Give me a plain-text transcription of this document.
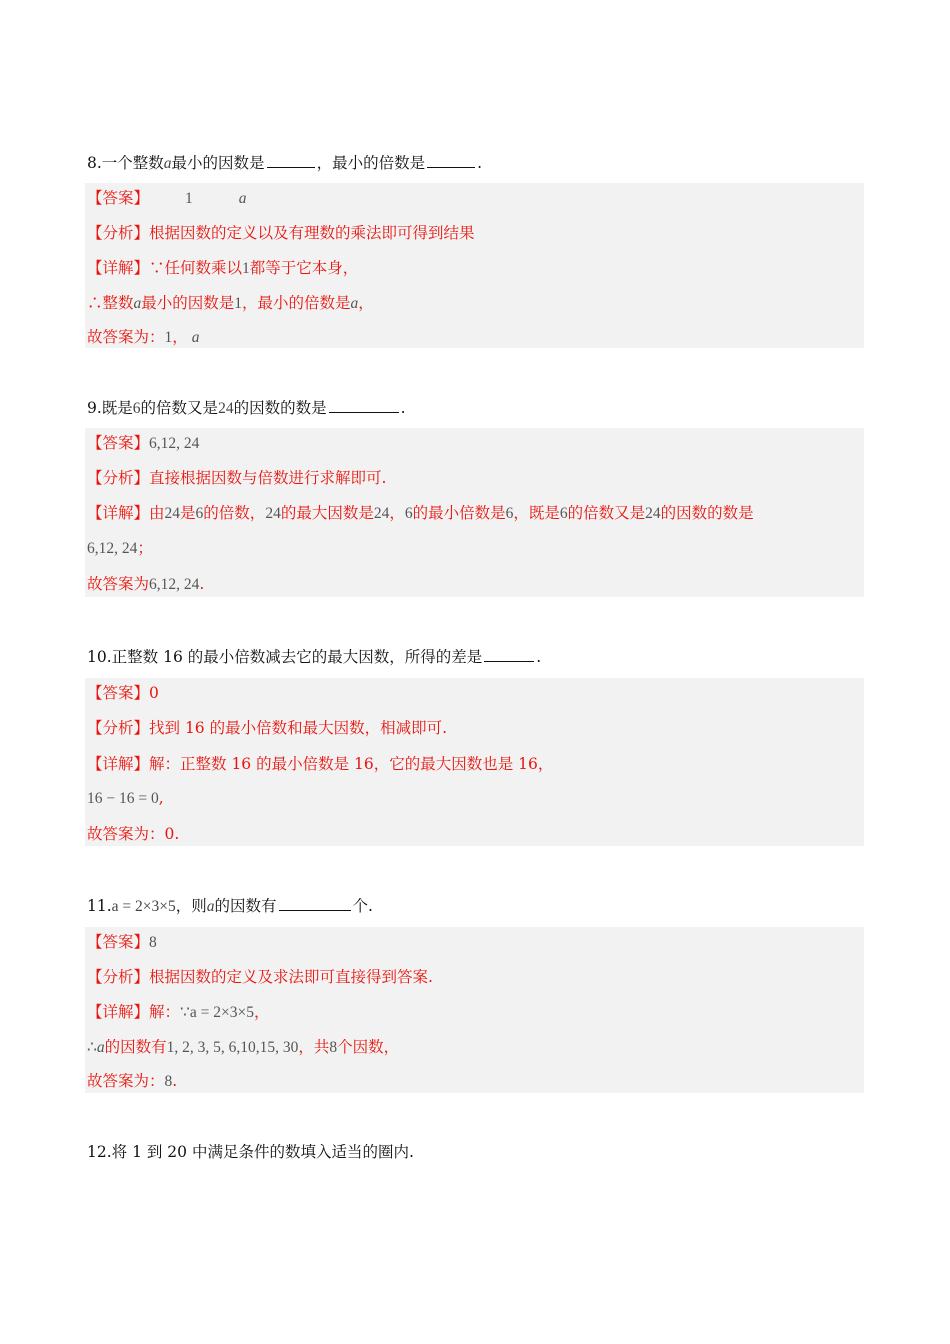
8.一个整数a最小的因数是	，最小的倍数是	.
【答案】 1	a
【分析】根据因数的定义以及有理数的乘法即可得到结果
【详解】∵任何数乘以1都等于它本身，
∴整数a最小的因数是1，最小的倍数是a，
故答案为：1， a
9.既是6的倍数又是24的因数的数是	.
【答案】6,12, 24
【分析】直接根据因数与倍数进行求解即可.
【详解】由24是6的倍数，24的最大因数是24，6的最小倍数是6，既是6的倍数又是24的因数的数是
6,12, 24；
故答案为6,12, 24.
10.正整数 16 的最小倍数减去它的最大因数，所得的差是	.
【答案】0
【分析】找到 16 的最小倍数和最大因数，相减即可.
【详解】解：正整数 16 的最小倍数是 16，它的最大因数也是 16，
16 − 16 = 0,
故答案为：0.
11.a = 2×3×5，则a的因数有	个.
【答案】8
【分析】根据因数的定义及求法即可直接得到答案.
【详解】解：∵a = 2×3×5，
∴a的因数有1, 2, 3, 5, 6,10,15, 30，共8个因数，
故答案为：8.
12.将 1 到 20 中满足条件的数填入适当的圈内.
